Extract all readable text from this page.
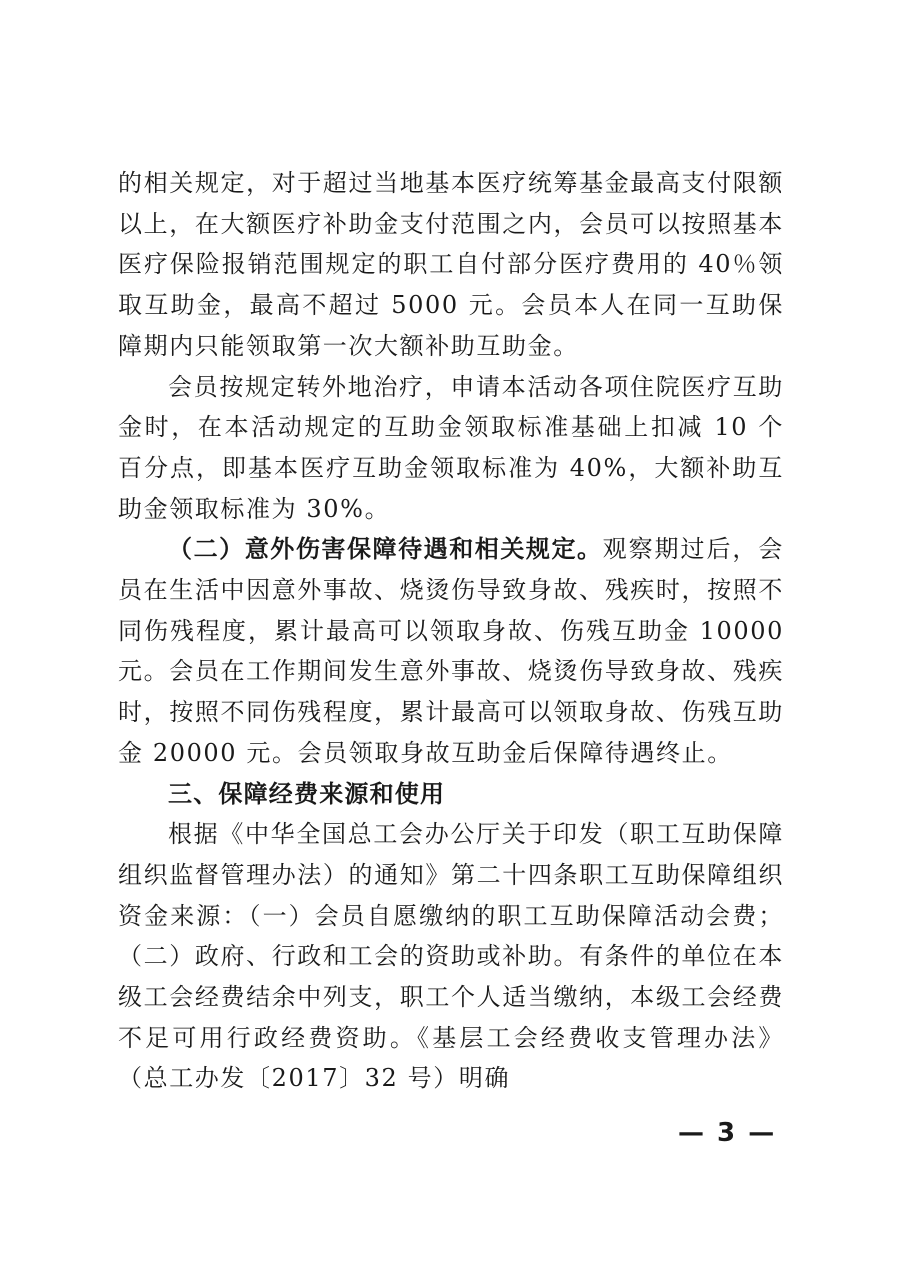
的相关规定，对于超过当地基本医疗统筹基金最高支付限额以上，在大额医疗补助金支付范围之内，会员可以按照基本医疗保险报销范围规定的职工自付部分医疗费用的 40％领取互助金，最高不超过 5000 元。会员本人在同一互助保障期内只能领取第一次大额补助互助金。

会员按规定转外地治疗，申请本活动各项住院医疗互助金时，在本活动规定的互助金领取标准基础上扣减 10 个百分点，即基本医疗互助金领取标准为 40%，大额补助互助金领取标准为 30%。

（二）意外伤害保障待遇和相关规定。观察期过后，会员在生活中因意外事故、烧烫伤导致身故、残疾时，按照不同伤残程度，累计最高可以领取身故、伤残互助金 10000 元。会员在工作期间发生意外事故、烧烫伤导致身故、残疾时，按照不同伤残程度，累计最高可以领取身故、伤残互助金 20000 元。会员领取身故互助金后保障待遇终止。

三、保障经费来源和使用

根据《中华全国总工会办公厅关于印发（职工互助保障组织监督管理办法）的通知》第二十四条职工互助保障组织资金来源：（一）会员自愿缴纳的职工互助保障活动会费；（二）政府、行政和工会的资助或补助。有条件的单位在本级工会经费结余中列支，职工个人适当缴纳，本级工会经费不足可用行政经费资助。《基层工会经费收支管理办法》（总工办发〔2017〕32 号）明确

— 3 —
